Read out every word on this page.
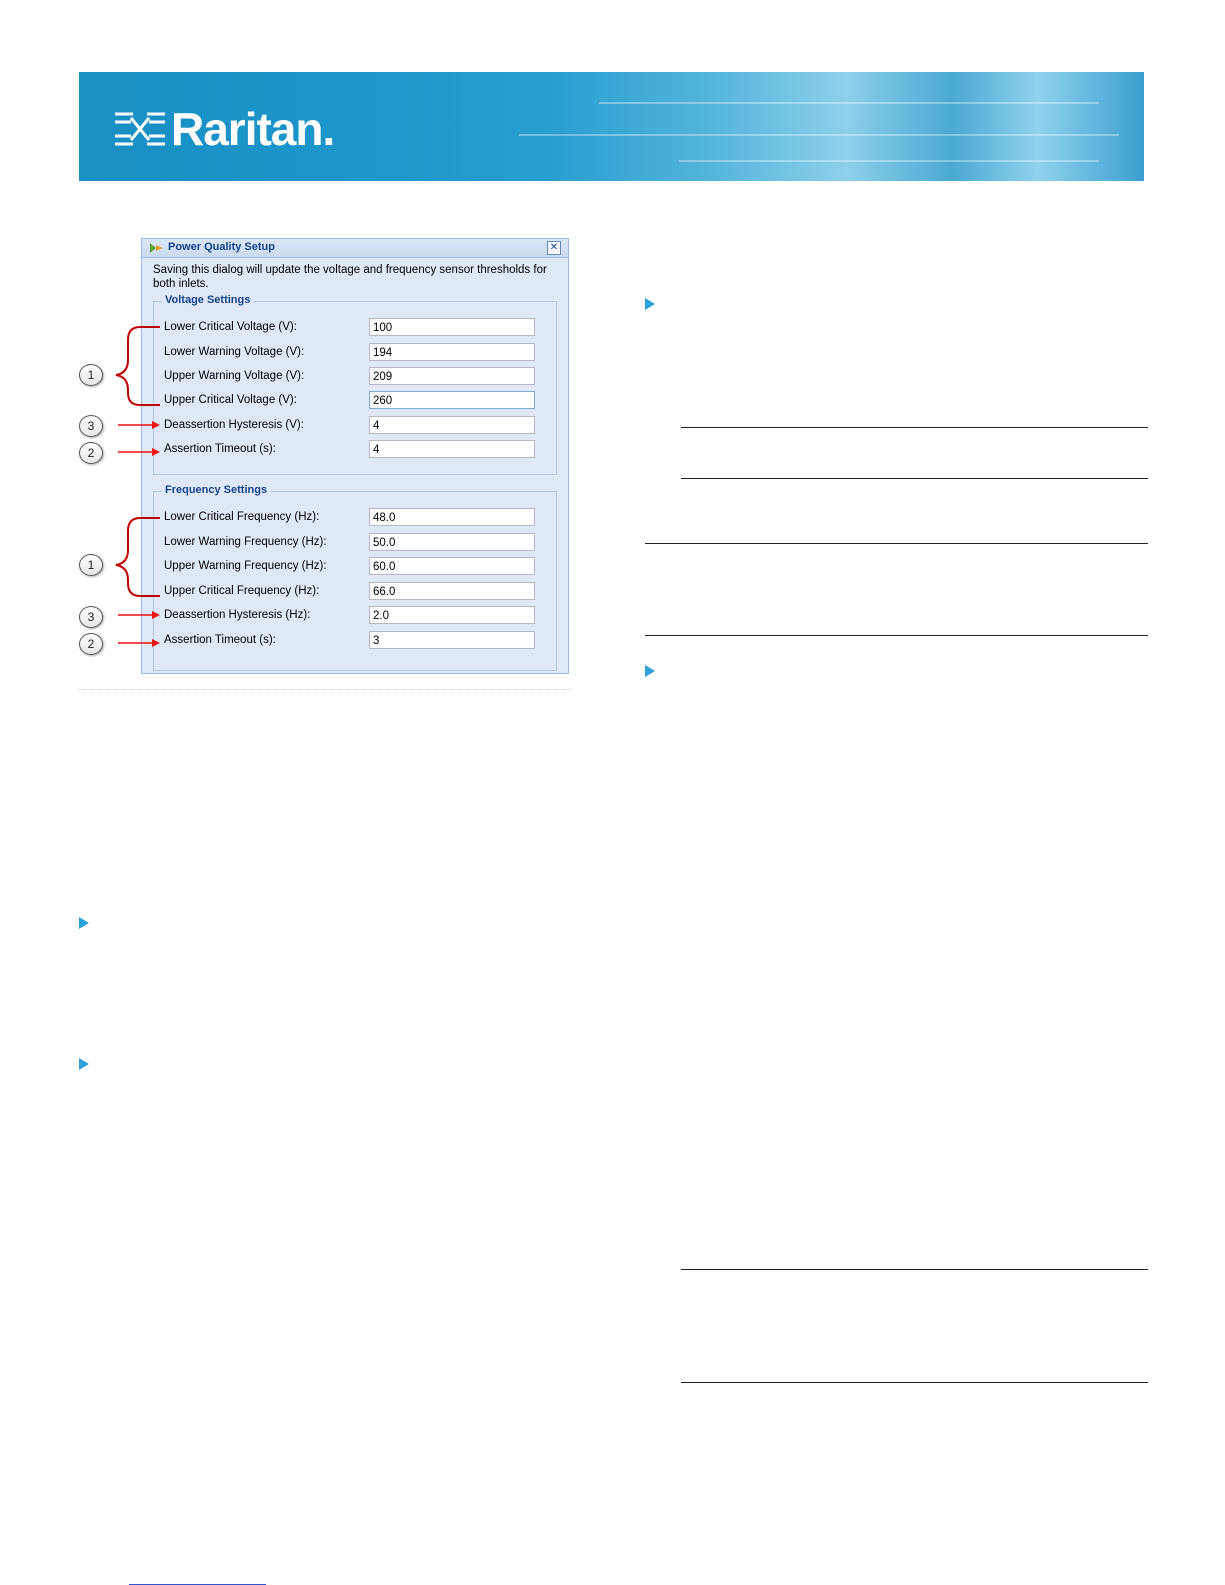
Raritan.
Power Quality Setup	✕
Saving this dialog will update the voltage and frequency sensor thresholds for both inlets.
Voltage Settings
Lower Critical Voltage (V):	100
Lower Warning Voltage (V):	194
Upper Warning Voltage (V):	209
Upper Critical Voltage (V):	260
Deassertion Hysteresis (V):	4
Assertion Timeout (s):	4
Frequency Settings
Lower Critical Frequency (Hz):	48.0
Lower Warning Frequency (Hz):	50.0
Upper Warning Frequency (Hz):	60.0
Upper Critical Frequency (Hz):	66.0
Deassertion Hysteresis (Hz):	2.0
Assertion Timeout (s):	3
1
3
2
1
3
2
